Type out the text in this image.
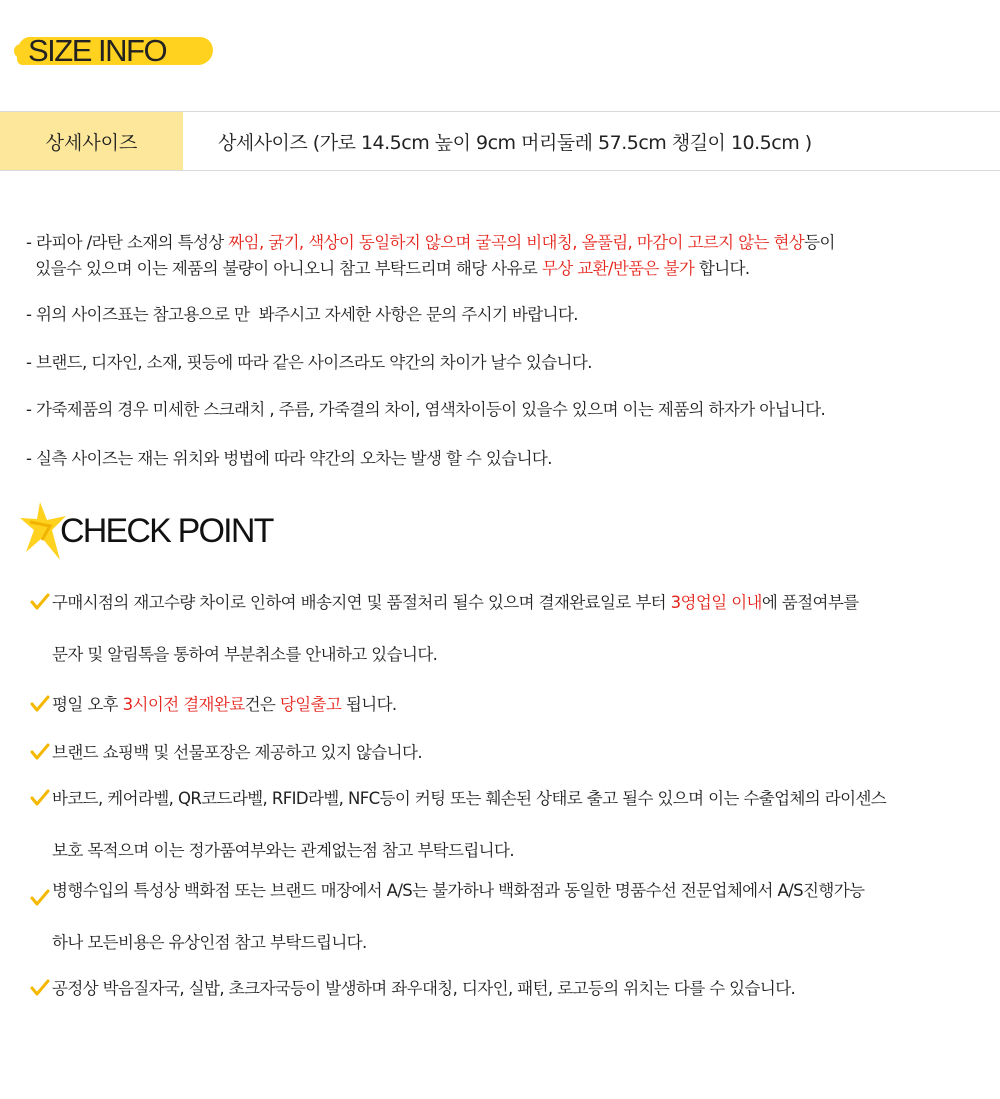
SIZE INFO
상세사이즈	상세사이즈 (가로 14.5cm 높이 9cm 머리둘레 57.5cm 챙길이 10.5cm )
- 라피아 /라탄 소재의 특성상 짜임, 굵기, 색상이 동일하지 않으며 굴곡의 비대칭, 올풀림, 마감이 고르지 않는 현상등이
있을수 있으며 이는 제품의 불량이 아니오니 참고 부탁드리며 해당 사유로 무상 교환/반품은 불가 합니다.
- 위의 사이즈표는 참고용으로 만  봐주시고 자세한 사항은 문의 주시기 바랍니다.
- 브랜드, 디자인, 소재, 핏등에 따라 같은 사이즈라도 약간의 차이가 날수 있습니다.
- 가죽제품의 경우 미세한 스크래치 , 주름, 가죽결의 차이, 염색차이등이 있을수 있으며 이는 제품의 하자가 아닙니다.
- 실측 사이즈는 재는 위치와 벙법에 따라 약간의 오차는 발생 할 수 있습니다.
CHECK POINT
구매시점의 재고수량 차이로 인하여 배송지연 및 품절처리 될수 있으며 결재완료일로 부터 3영업일 이내에 품절여부를
문자 및 알림톡을 통하여 부분취소를 안내하고 있습니다.
평일 오후 3시이전 결재완료건은 당일출고 됩니다.
브랜드 쇼핑백 및 선물포장은 제공하고 있지 않습니다.
바코드, 케어라벨, QR코드라벨, RFID라벨, NFC등이 커팅 또는 훼손된 상태로 출고 될수 있으며 이는 수출업체의 라이센스
보호 목적으며 이는 정가품여부와는 관계없는점 참고 부탁드립니다.
병행수입의 특성상 백화점 또는 브랜드 매장에서 A/S는 불가하나 백화점과 동일한 명품수선 전문업체에서 A/S진행가능
하나 모든비용은 유상인점 참고 부탁드립니다.
공정상 박음질자국, 실밥, 초크자국등이 발생하며 좌우대칭, 디자인, 패턴, 로고등의 위치는 다를 수 있습니다.
